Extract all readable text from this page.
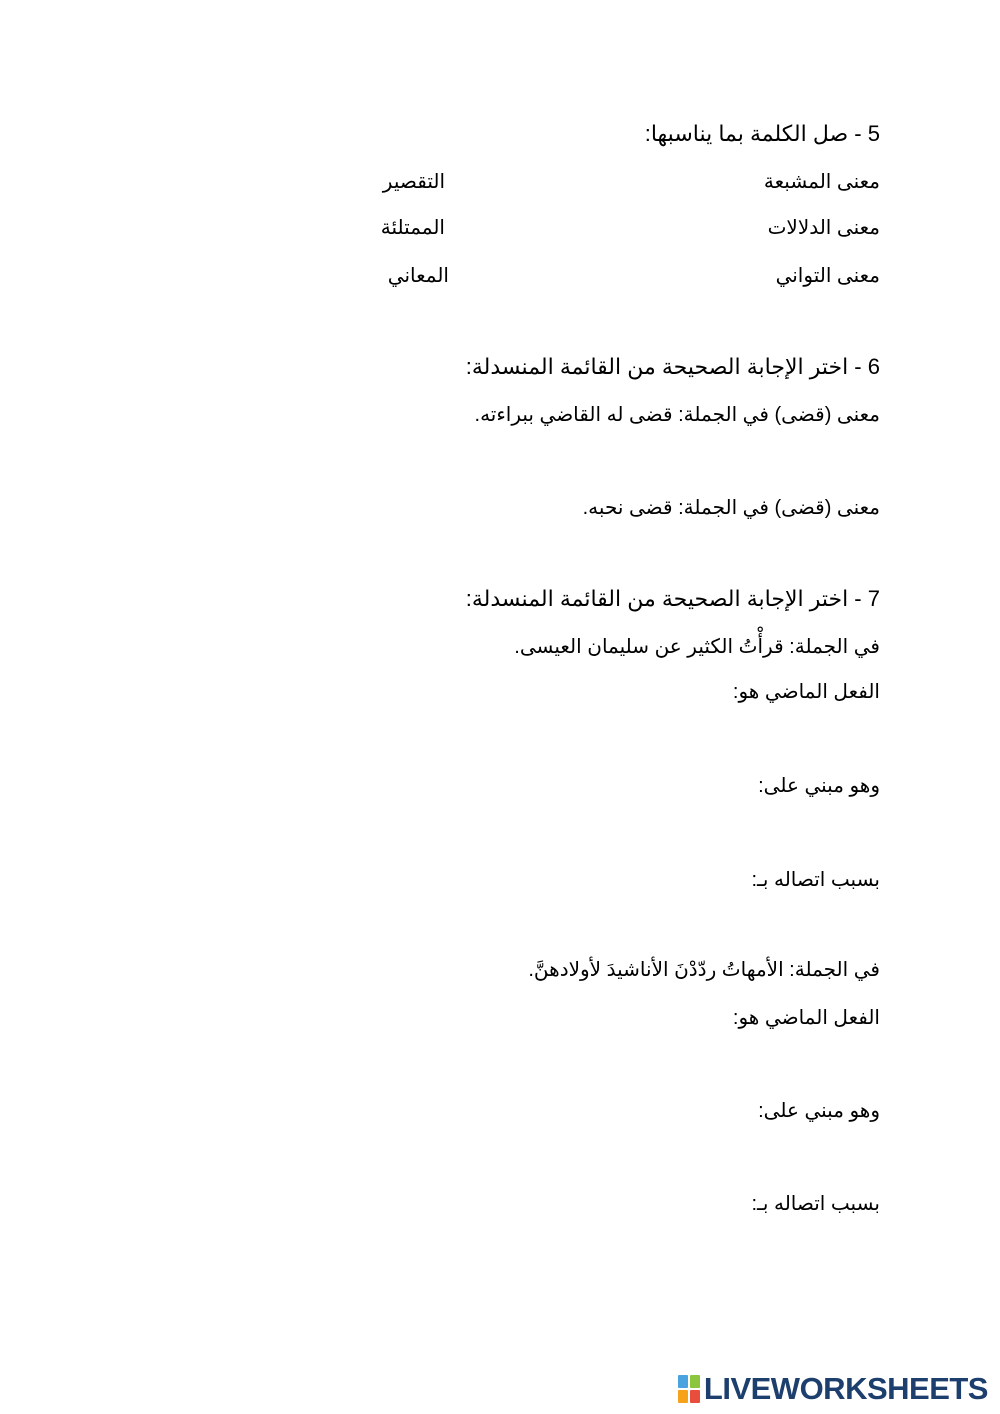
5 - صل الكلمة بما يناسبها:
معنى المشبعة
التقصير
معنى الدلالات
الممتلئة
معنى التواني
المعاني
6 - اختر الإجابة الصحيحة من القائمة المنسدلة:
معنى (قضى) في الجملة: قضى له القاضي ببراءته.
معنى (قضى) في الجملة: قضى نحبه.
7 - اختر الإجابة الصحيحة من القائمة المنسدلة:
في الجملة: قرأْتُ الكثير عن سليمان العيسى.
الفعل الماضي هو:
وهو مبني على:
بسبب اتصاله بـ:
في الجملة: الأمهاتُ ردّدْنَ الأناشيدَ لأولادهنَّ.
الفعل الماضي هو:
وهو مبني على:
بسبب اتصاله بـ:
LIVEWORKSHEETS
